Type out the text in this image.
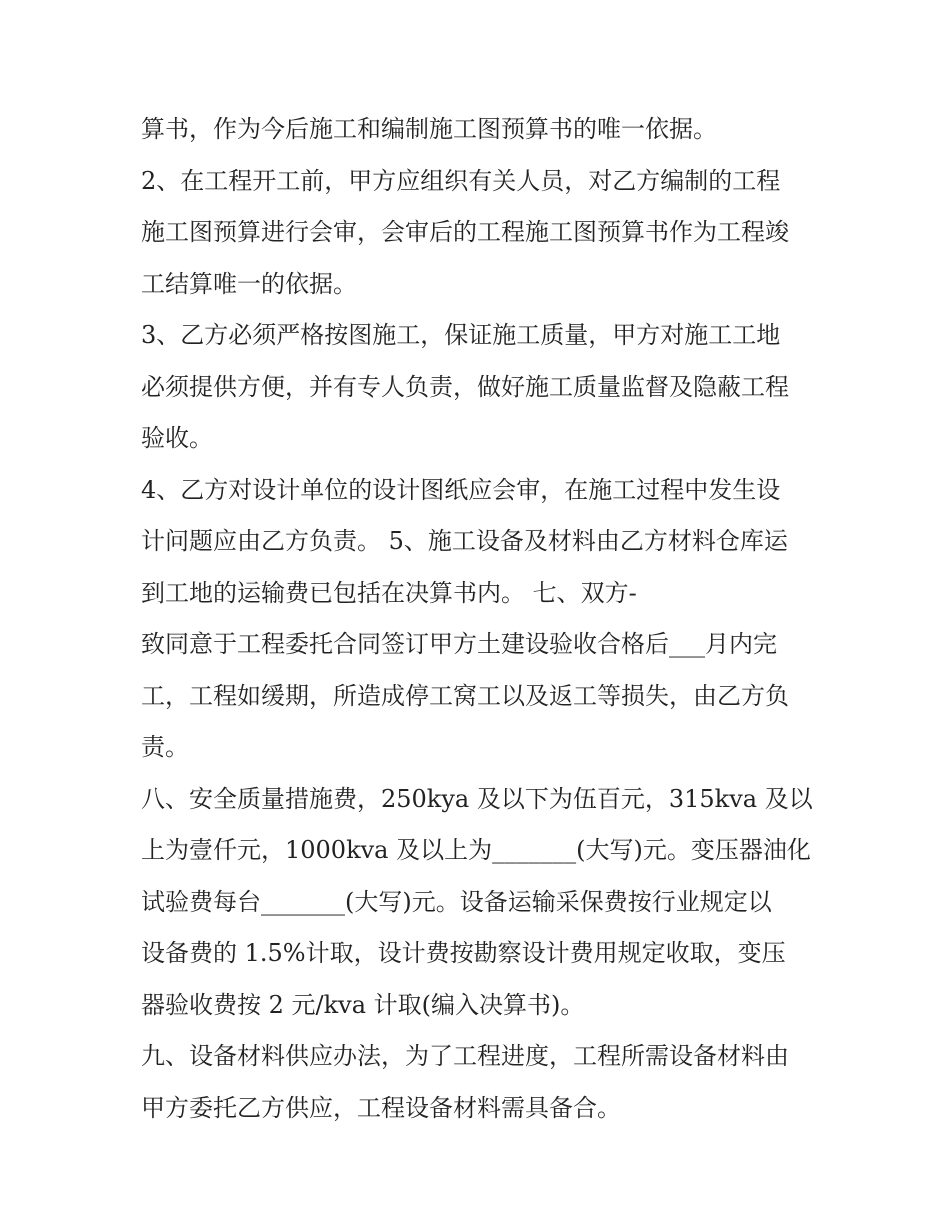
算书，作为今后施工和编制施工图预算书的唯一依据。
2、在工程开工前，甲方应组织有关人员，对乙方编制的工程
施工图预算进行会审，会审后的工程施工图预算书作为工程竣
工结算唯一的依据。
3、乙方必须严格按图施工，保证施工质量，甲方对施工工地
必须提供方便，并有专人负责，做好施工质量监督及隐蔽工程
验收。
4、乙方对设计单位的设计图纸应会审，在施工过程中发生设
计问题应由乙方负责。 5、施工设备及材料由乙方材料仓库运
到工地的运输费已包括在决算书内。 七、双方-
致同意于工程委托合同签订甲方土建设验收合格后___月内完
工，工程如缓期，所造成停工窝工以及返工等损失，由乙方负
责。
八、安全质量措施费，250kya 及以下为伍百元，315kva 及以
上为壹仟元，1000kva 及以上为_______(大写)元。变压器油化
试验费每台_______(大写)元。设备运输采保费按行业规定以
设备费的 1.5%计取，设计费按勘察设计费用规定收取，变压
器验收费按 2 元/kva 计取(编入决算书)。
九、设备材料供应办法，为了工程进度，工程所需设备材料由
甲方委托乙方供应，工程设备材料需具备合。
